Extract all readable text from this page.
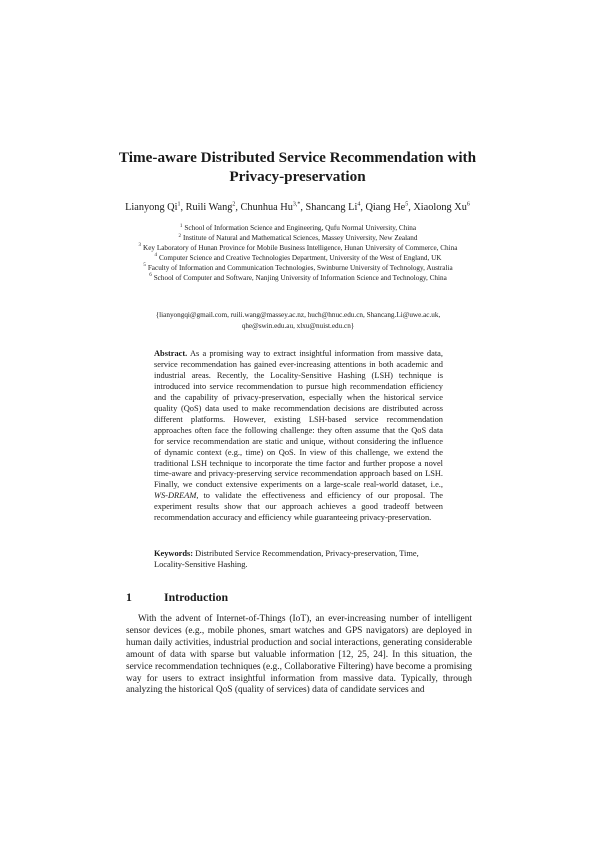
Time-aware Distributed Service Recommendation with
Privacy-preservation
Lianyong Qi$^1$, Ruili Wang$^2$, Chunhua $Hu^{3,*}$, Shancang Li$^4$, Qiang He$^5$, Xiaolong Xu$^6$
$^1$ School of Information Science and Engineering, Qufu Normal University, China
$^2$ Institute of Natural and Mathematical Sciences, Massey University, New Zealand
$^3$ Key Laboratory of Hunan Province for Mobile Business Intelligence, Hunan University of Commerce, China
$^4$ Computer Science and Creative Technologies Department, University of the West of England, UK
$^5$ Faculty of Information and Communication Technologies, Swinburne University of Technology, Australia
$^6$ School of Computer and Software, Nanjing University of Information Science and Technology, China
{lianyongqi@gmail.com, ruili.wang@massey.ac.nz, huch@hnuc.edu.cn, Shancang.Li@uwe.ac.uk,
qhe@swin.edu.au, xlxu@nuist.edu.cn}
Abstract. As a promising way to extract insightful information from massive data, service recommendation has gained ever-increasing attentions in both academic and industrial areas. Recently, the Locality-Sensitive Hashing (LSH) technique is introduced into service recommendation to pursue high recommendation efficiency and the capability of privacy-preservation, especially when the historical service quality (QoS) data used to make recommendation decisions are distributed across different platforms. However, existing LSH-based service recommendation approaches often face the following challenge: they often assume that the QoS data for service recommendation are static and unique, without considering the influence of dynamic context (e.g., time) on QoS. In view of this challenge, we extend the traditional LSH technique to incorporate the time factor and further propose a novel time-aware and privacy-preserving service recommendation approach based on LSH. Finally, we conduct extensive experiments on a large-scale real-world dataset, i.e., WS-DREAM, to validate the effectiveness and efficiency of our proposal. The experiment results show that our approach achieves a good tradeoff between recommendation accuracy and efficiency while guaranteeing privacy-preservation.
Keywords: Distributed Service Recommendation, Privacy-preservation, Time, Locality-Sensitive Hashing.
1	Introduction

With the advent of Internet-of-Things (IoT), an ever-increasing number of intelligent sensor devices (e.g., mobile phones, smart watches and GPS navigators) are deployed in human daily activities, industrial production and social interactions, generating considerable amount of data with sparse but valuable information [12, 25, 24]. In this situation, the service recommendation techniques (e.g., Collaborative Filtering) have become a promising way for users to extract insightful information from massive data. Typically, through analyzing the historical QoS (quality of services) data of candidate services and
